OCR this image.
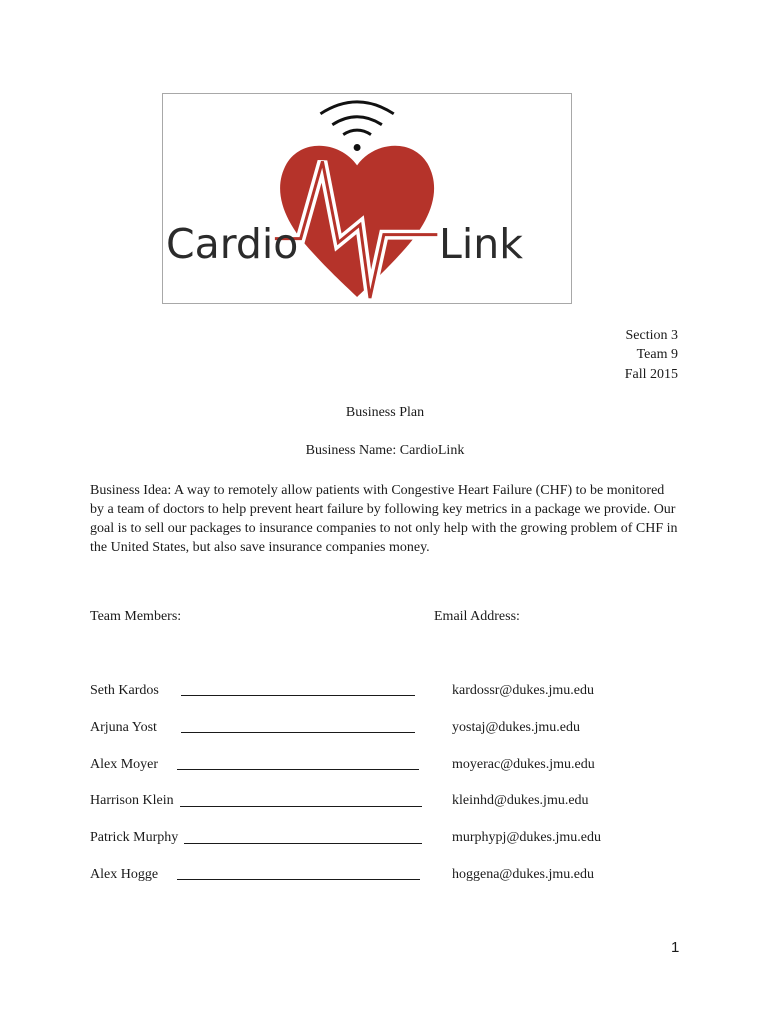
Cardio	Link
Section 3
Team 9
Fall 2015
Business Plan
Business Name: CardioLink
Business Idea: A way to remotely allow patients with Congestive Heart Failure (CHF) to be monitored by a team of doctors to help prevent heart failure by following key metrics in a package we provide. Our goal is to sell our packages to insurance companies to not only help with the growing problem of CHF in the United States, but also save insurance companies money.
Team Members:	Email Address:
Seth Kardos	kardossr@dukes.jmu.edu
Arjuna Yost	yostaj@dukes.jmu.edu
Alex Moyer	moyerac@dukes.jmu.edu
Harrison Klein	kleinhd@dukes.jmu.edu
Patrick Murphy	murphypj@dukes.jmu.edu
Alex Hogge	hoggena@dukes.jmu.edu
1
